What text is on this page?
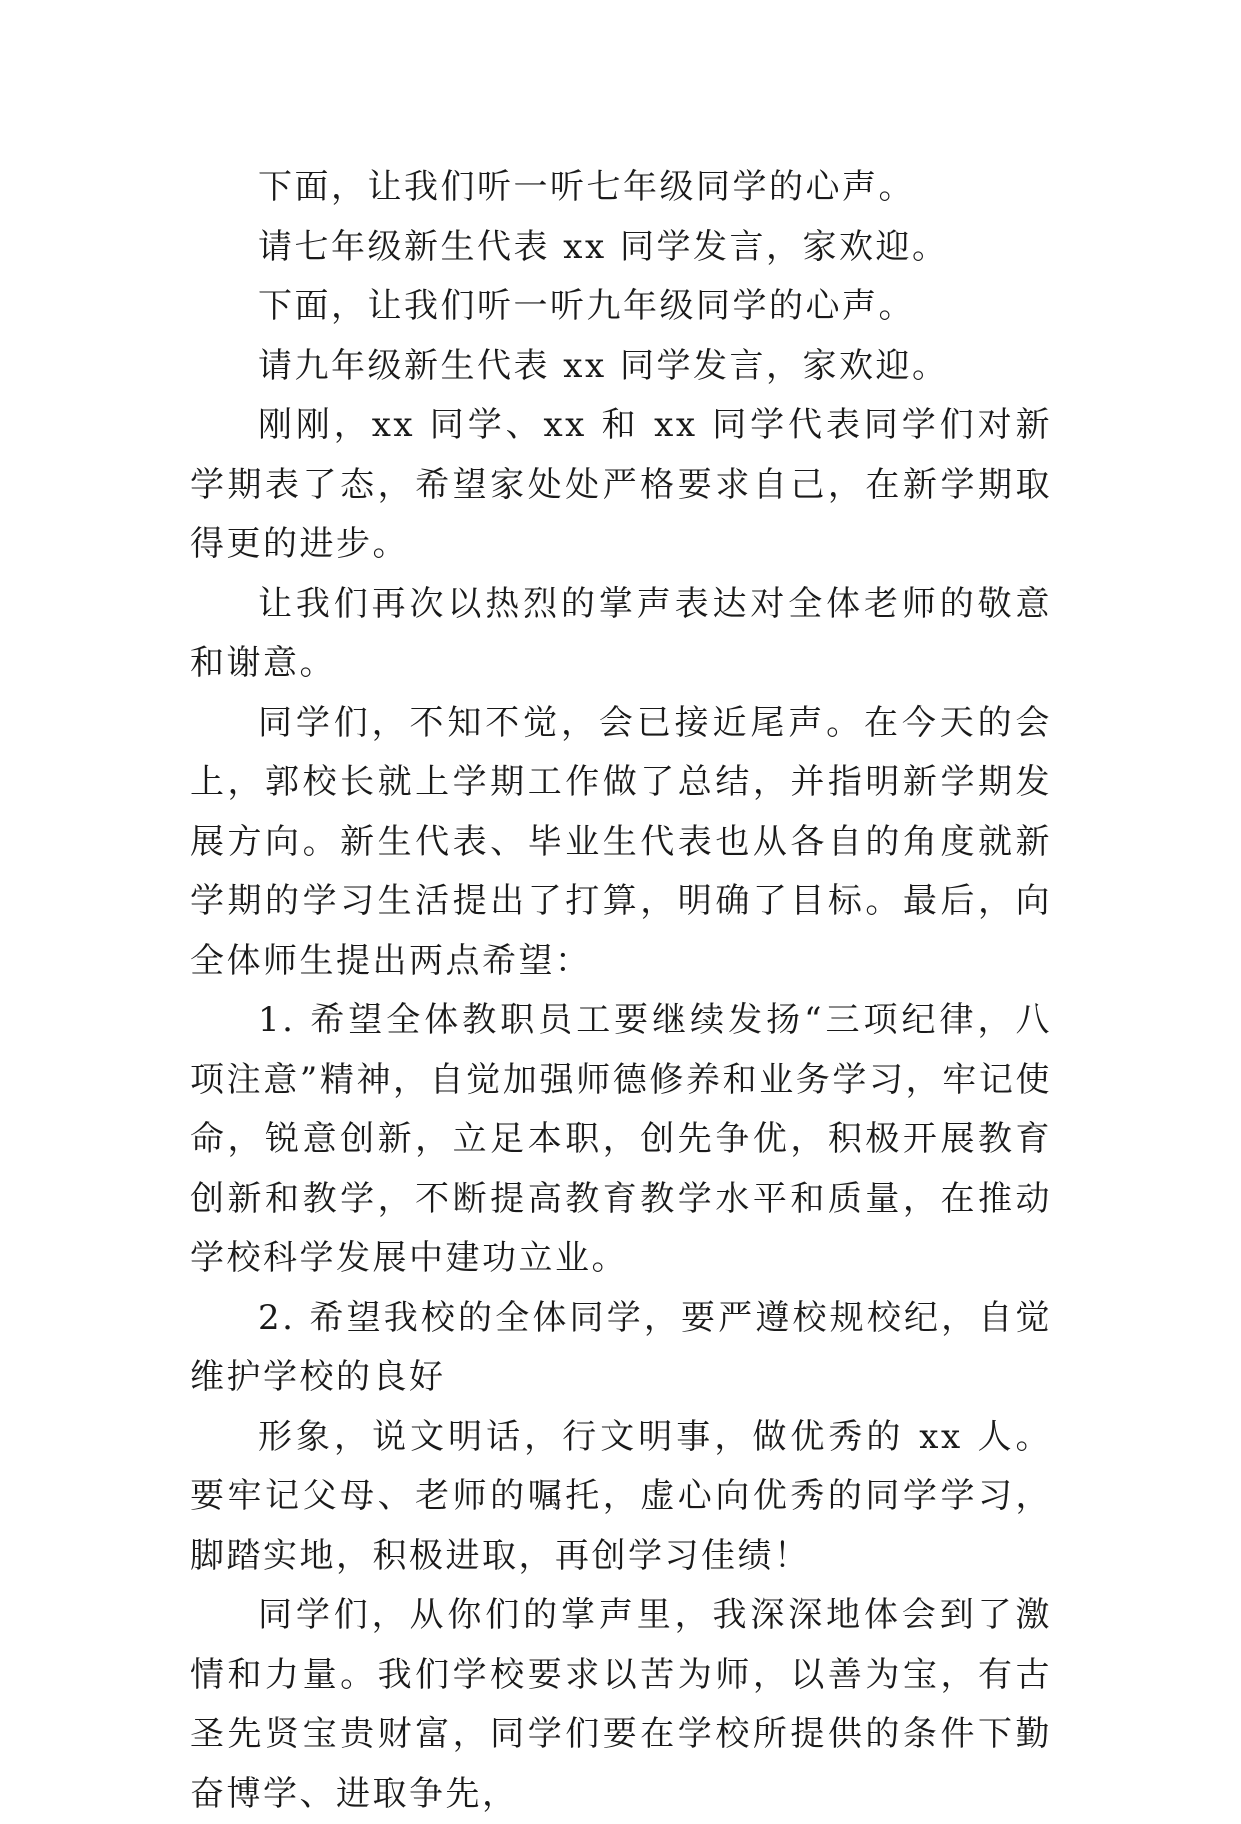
下面，让我们听一听七年级同学的心声。

请七年级新生代表 xx 同学发言，家欢迎。

下面，让我们听一听九年级同学的心声。

请九年级新生代表 xx 同学发言，家欢迎。

刚刚，xx 同学、xx 和 xx 同学代表同学们对新学期表了态，希望家处处严格要求自己，在新学期取得更的进步。

让我们再次以热烈的掌声表达对全体老师的敬意和谢意。

同学们，不知不觉，会已接近尾声。在今天的会上，郭校长就上学期工作做了总结，并指明新学期发展方向。新生代表、毕业生代表也从各自的角度就新学期的学习生活提出了打算，明确了目标。最后，向全体师生提出两点希望：

1. 希望全体教职员工要继续发扬“三项纪律，八项注意”精神，自觉加强师德修养和业务学习，牢记使命，锐意创新，立足本职，创先争优，积极开展教育创新和教学，不断提高教育教学水平和质量，在推动学校科学发展中建功立业。

2. 希望我校的全体同学，要严遵校规校纪，自觉维护学校的良好

形象，说文明话，行文明事，做优秀的 xx 人。要牢记父母、老师的嘱托，虚心向优秀的同学学习，脚踏实地，积极进取，再创学习佳绩！

同学们，从你们的掌声里，我深深地体会到了激情和力量。我们学校要求以苦为师，以善为宝，有古圣先贤宝贵财富，同学们要在学校所提供的条件下勤奋博学、进取争先，
